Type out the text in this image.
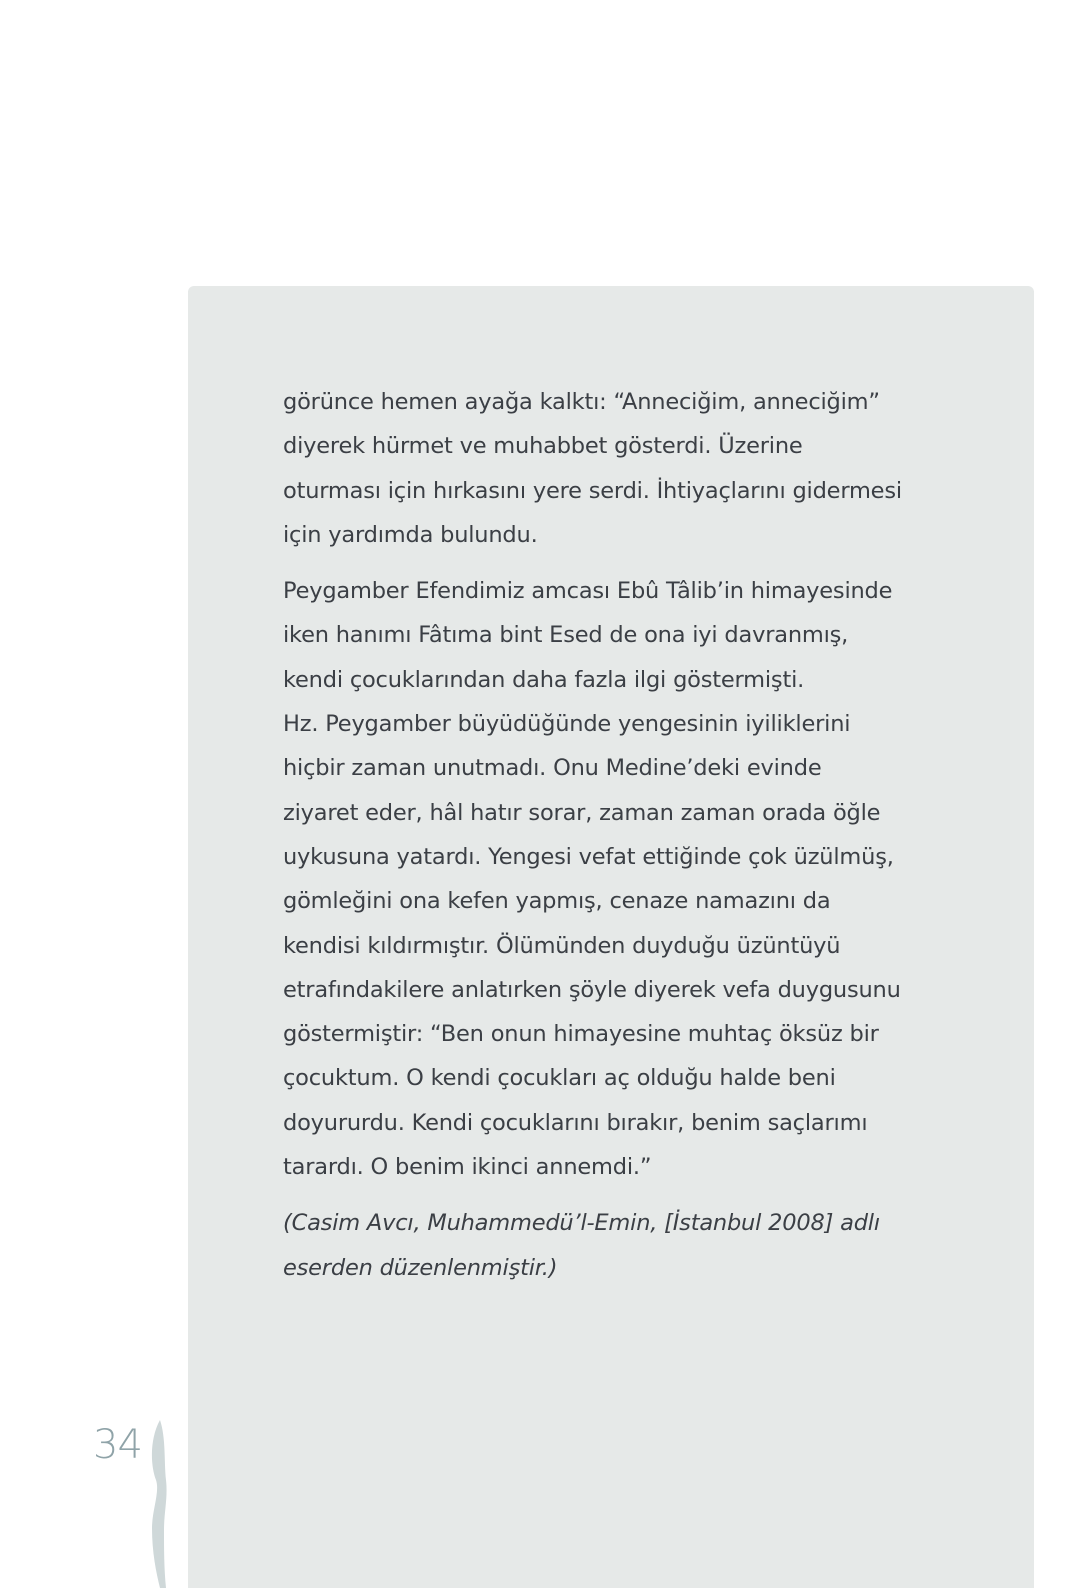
görünce hemen ayağa kalktı: “Anneciğim, anneciğim”
diyerek hürmet ve muhabbet gösterdi. Üzerine
oturması için hırkasını yere serdi. İhtiyaçlarını gidermesi
için yardımda bulundu.

Peygamber Efendimiz amcası Ebû Tâlib’in himayesinde
iken hanımı Fâtıma bint Esed de ona iyi davranmış,
kendi çocuklarından daha fazla ilgi göstermişti.
Hz. Peygamber büyüdüğünde yengesinin iyiliklerini
hiçbir zaman unutmadı. Onu Medine’deki evinde
ziyaret eder, hâl hatır sorar, zaman zaman orada öğle
uykusuna yatardı. Yengesi vefat ettiğinde çok üzülmüş,
gömleğini ona kefen yapmış, cenaze namazını da
kendisi kıldırmıştır. Ölümünden duyduğu üzüntüyü
etrafındakilere anlatırken şöyle diyerek vefa duygusunu
göstermiştir: “Ben onun himayesine muhtaç öksüz bir
çocuktum. O kendi çocukları aç olduğu halde beni
doyururdu. Kendi çocuklarını bırakır, benim saçlarımı
tarardı. O benim ikinci annemdi.”

(Casim Avcı, Muhammedü’l-Emin, [İstanbul 2008] adlı
eserden düzenlenmiştir.)

34
